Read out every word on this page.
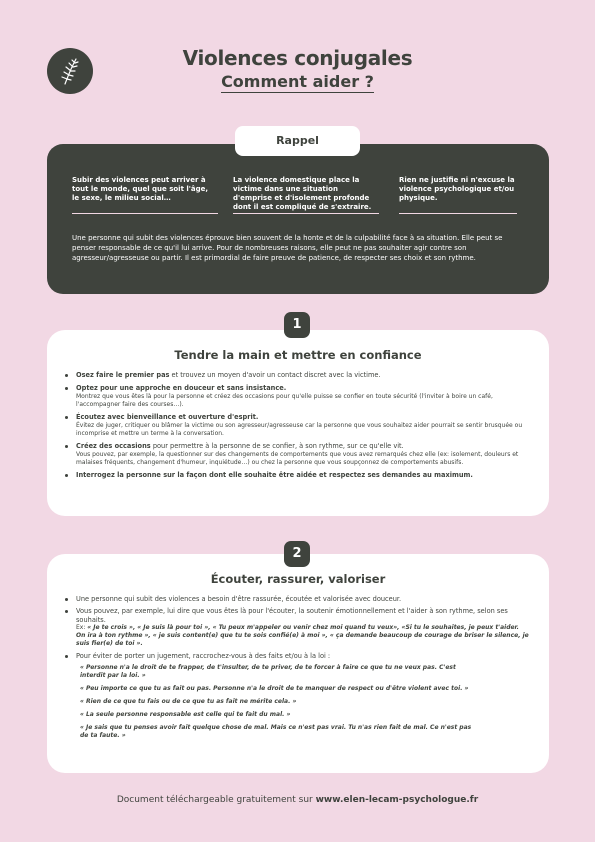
Violences conjugales
Comment aider ?
Rappel
Subir des violences peut arriver à tout le monde, quel que soit l'âge, le sexe, le milieu social…
La violence domestique place la victime dans une situation d'emprise et d'isolement profonde dont il est compliqué de s'extraire.
Rien ne justifie ni n'excuse la violence psychologique et/ou physique.
Une personne qui subit des violences éprouve bien souvent de la honte et de la culpabilité face à sa situation. Elle peut se penser responsable de ce qu'il lui arrive. Pour de nombreuses raisons, elle peut ne pas souhaiter agir contre son agresseur/agresseuse ou partir. Il est primordial de faire preuve de patience, de respecter ses choix et son rythme.
1
Tendre la main et mettre en confiance
Osez faire le premier pas et trouvez un moyen d'avoir un contact discret avec la victime.
Optez pour une approche en douceur et sans insistance.
Montrez que vous êtes là pour la personne et créez des occasions pour qu'elle puisse se confier en toute sécurité (l'inviter à boire un café, l'accompagner faire des courses…).
Écoutez avec bienveillance et ouverture d'esprit.
Évitez de juger, critiquer ou blâmer la victime ou son agresseur/agresseuse car la personne que vous souhaitez aider pourrait se sentir brusquée ou incomprise et mettre un terme à la conversation.
Créez des occasions pour permettre à la personne de se confier, à son rythme, sur ce qu'elle vit.
Vous pouvez, par exemple, la questionner sur des changements de comportements que vous avez remarqués chez elle (ex: isolement, douleurs et malaises fréquents, changement d'humeur, inquiétude…) ou chez la personne que vous soupçonnez de comportements abusifs.
Interrogez la personne sur la façon dont elle souhaite être aidée et respectez ses demandes au maximum.
2
Écouter, rassurer, valoriser
Une personne qui subit des violences a besoin d'être rassurée, écoutée et valorisée avec douceur.
Vous pouvez, par exemple, lui dire que vous êtes là pour l'écouter, la soutenir émotionnellement et l'aider à son rythme, selon ses souhaits.
Ex: « Je te crois », « Je suis là pour toi », « Tu peux m'appeler ou venir chez moi quand tu veux», «Si tu le souhaites, je peux t'aider. On ira à ton rythme », « je suis content(e) que tu te sois confié(e) à moi », « ça demande beaucoup de courage de briser le silence, je suis fier(e) de toi ».
Pour éviter de porter un jugement, raccrochez-vous à des faits et/ou à la loi :
« Personne n'a le droit de te frapper, de t'insulter, de te priver, de te forcer à faire ce que tu ne veux pas. C'est interdit par la loi. »
« Peu importe ce que tu as fait ou pas. Personne n'a le droit de te manquer de respect ou d'être violent avec toi. »
« Rien de ce que tu fais ou de ce que tu as fait ne mérite cela. »
« La seule personne responsable est celle qui te fait du mal. »
« Je sais que tu penses avoir fait quelque chose de mal. Mais ce n'est pas vrai. Tu n'as rien fait de mal. Ce n'est pas de ta faute. »
Document téléchargeable gratuitement sur www.elen-lecam-psychologue.fr
